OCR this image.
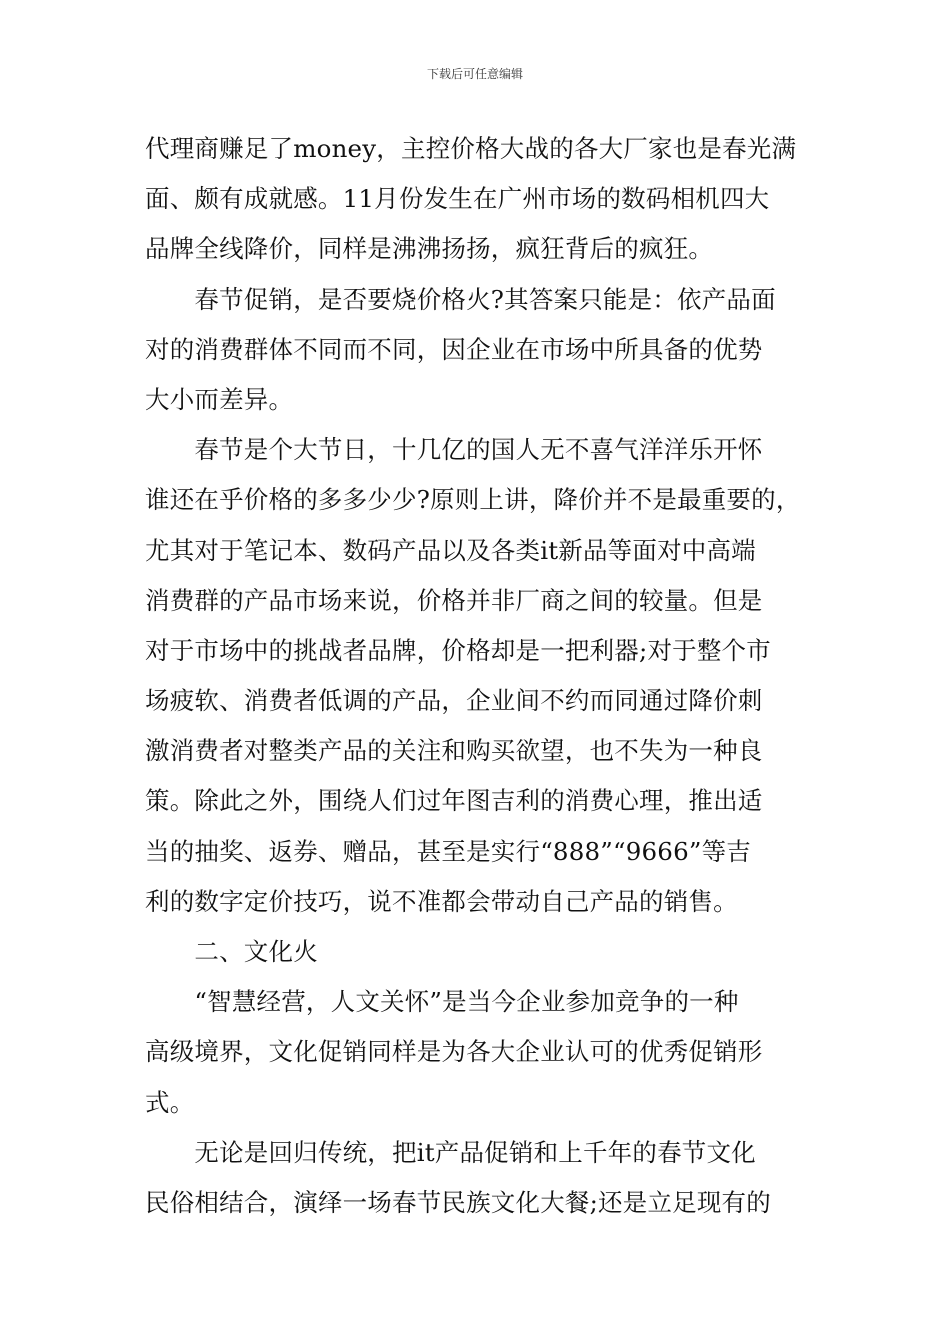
下载后可任意编辑
代理商赚足了money，主控价格大战的各大厂家也是春光满
面、颇有成就感。11月份发生在广州市场的数码相机四大
品牌全线降价，同样是沸沸扬扬，疯狂背后的疯狂。
　　春节促销，是否要烧价格火?其答案只能是：依产品面
对的消费群体不同而不同，因企业在市场中所具备的优势
大小而差异。
　　春节是个大节日，十几亿的国人无不喜气洋洋乐开怀
谁还在乎价格的多多少少?原则上讲，降价并不是最重要的，
尤其对于笔记本、数码产品以及各类it新品等面对中高端
消费群的产品市场来说，价格并非厂商之间的较量。但是
对于市场中的挑战者品牌，价格却是一把利器;对于整个市
场疲软、消费者低调的产品，企业间不约而同通过降价刺
激消费者对整类产品的关注和购买欲望，也不失为一种良
策。除此之外，围绕人们过年图吉利的消费心理，推出适
当的抽奖、返券、赠品，甚至是实行“888”“9666”等吉
利的数字定价技巧，说不准都会带动自己产品的销售。
　　二、文化火
　　“智慧经营，人文关怀”是当今企业参加竞争的一种
高级境界，文化促销同样是为各大企业认可的优秀促销形
式。
　　无论是回归传统，把it产品促销和上千年的春节文化
民俗相结合，演绎一场春节民族文化大餐;还是立足现有的
